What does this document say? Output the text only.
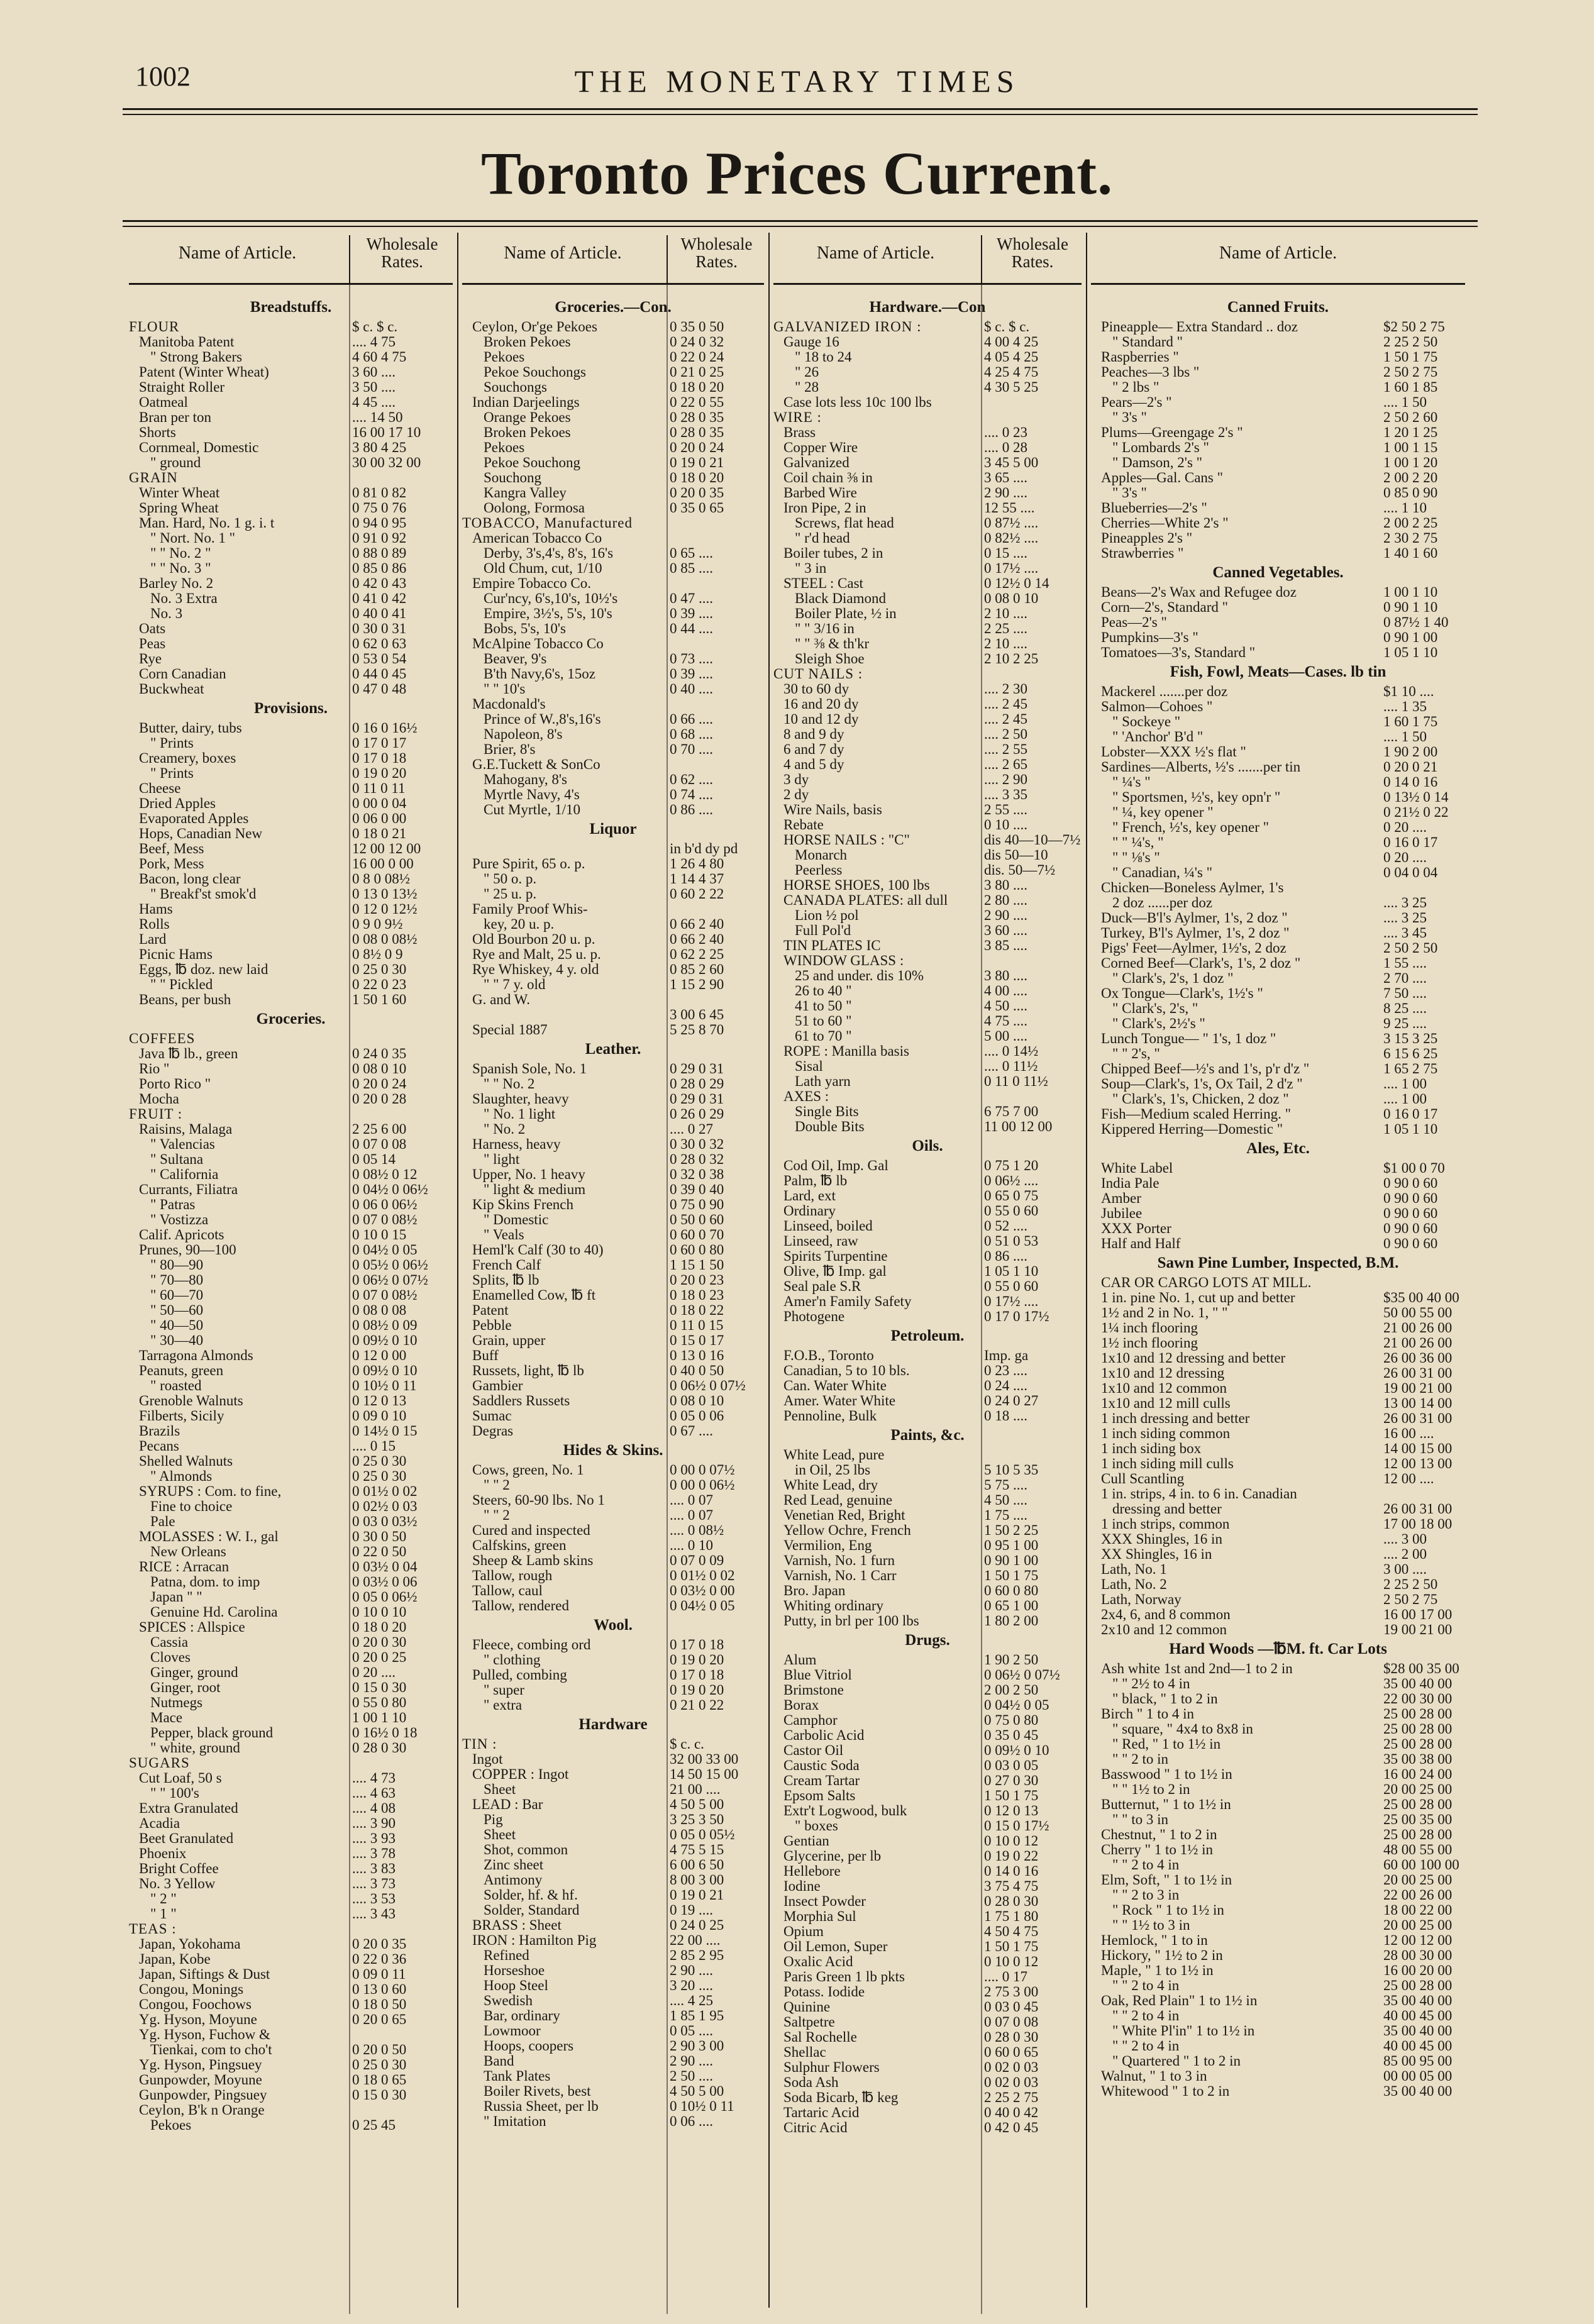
1002	THE MONETARY TIMES
Toronto Prices Current.
Name of Article.	Wholesale Rates.
Breadstuffs.
FLOUR	$ c. $ c.
Manitoba Patent	.... 4 75
" Strong Bakers	4 60 4 75
Patent (Winter Wheat)	3 60 ....
Straight Roller	3 50 ....
Oatmeal	4 45 ....
Bran per ton	.... 14 50
Shorts	16 00 17 10
Cornmeal, Domestic	3 80 4 25
" ground	30 00 32 00
GRAIN
Winter Wheat	0 81 0 82
Spring Wheat	0 75 0 76
Man. Hard, No. 1 g. i. t	0 94 0 95
" Nort. No. 1 "	0 91 0 92
" " No. 2 "	0 88 0 89
" " No. 3 "	0 85 0 86
Barley No. 2	0 42 0 43
No. 3 Extra	0 41 0 42
No. 3	0 40 0 41
Oats	0 30 0 31
Peas	0 62 0 63
Rye	0 53 0 54
Corn Canadian	0 44 0 45
Buckwheat	0 47 0 48
Provisions.
Butter, dairy, tubs	0 16 0 16½
" Prints	0 17 0 17
Creamery, boxes	0 17 0 18
" Prints	0 19 0 20
Cheese	0 11 0 11
Dried Apples	0 00 0 04
Evaporated Apples	0 06 0 00
Hops, Canadian New	0 18 0 21
Beef, Mess	12 00 12 00
Pork, Mess	16 00 0 00
Bacon, long clear	0 8 0 08½
" Breakf'st smok'd	0 13 0 13½
Hams	0 12 0 12½
Rolls	0 9 0 9½
Lard	0 08 0 08½
Picnic Hams	0 8½ 0 9
Eggs, ℔ doz. new laid	0 25 0 30
" " Pickled	0 22 0 23
Beans, per bush	1 50 1 60
Groceries.
COFFEES
Java ℔ lb., green	0 24 0 35
Rio "	0 08 0 10
Porto Rico "	0 20 0 24
Mocha	0 20 0 28
FRUIT :
Raisins, Malaga	2 25 6 00
" Valencias	0 07 0 08
" Sultana	0 05 14
" California	0 08½ 0 12
Currants, Filiatra	0 04½ 0 06½
" Patras	0 06 0 06½
" Vostizza	0 07 0 08½
Calif. Apricots	0 10 0 15
Prunes, 90—100	0 04½ 0 05
" 80—90	0 05½ 0 06½
" 70—80	0 06½ 0 07½
" 60—70	0 07 0 08½
" 50—60	0 08 0 08
" 40—50	0 08½ 0 09
" 30—40	0 09½ 0 10
Tarragona Almonds	0 12 0 00
Peanuts, green	0 09½ 0 10
" roasted	0 10½ 0 11
Grenoble Walnuts	0 12 0 13
Filberts, Sicily	0 09 0 10
Brazils	0 14½ 0 15
Pecans	.... 0 15
Shelled Walnuts	0 25 0 30
" Almonds	0 25 0 30
SYRUPS : Com. to fine,	0 01½ 0 02
Fine to choice	0 02½ 0 03
Pale	0 03 0 03½
MOLASSES : W. I., gal	0 30 0 50
New Orleans	0 22 0 50
RICE : Arracan	0 03½ 0 04
Patna, dom. to imp	0 03½ 0 06
Japan " "	0 05 0 06½
Genuine Hd. Carolina	0 10 0 10
SPICES : Allspice	0 18 0 20
Cassia	0 20 0 30
Cloves	0 20 0 25
Ginger, ground	0 20 ....
Ginger, root	0 15 0 30
Nutmegs	0 55 0 80
Mace	1 00 1 10
Pepper, black ground	0 16½ 0 18
" white, ground	0 28 0 30
SUGARS
Cut Loaf, 50 s	.... 4 73
" " 100's	.... 4 63
Extra Granulated	.... 4 08
Acadia	.... 3 90
Beet Granulated	.... 3 93
Phoenix	.... 3 78
Bright Coffee	.... 3 83
No. 3 Yellow	.... 3 73
" 2 "	.... 3 53
" 1 "	.... 3 43
TEAS :
Japan, Yokohama	0 20 0 35
Japan, Kobe	0 22 0 36
Japan, Siftings & Dust	0 09 0 11
Congou, Monings	0 13 0 60
Congou, Foochows	0 18 0 50
Yg. Hyson, Moyune	0 20 0 65
Yg. Hyson, Fuchow &
Tienkai, com to cho't	0 20 0 50
Yg. Hyson, Pingsuey	0 25 0 30
Gunpowder, Moyune	0 18 0 65
Gunpowder, Pingsuey	0 15 0 30
Ceylon, B'k n Orange
Pekoes	0 25 45
Name of Article.	Wholesale Rates.
Groceries.—Con.
Ceylon, Or'ge Pekoes	0 35 0 50
Broken Pekoes	0 24 0 32
Pekoes	0 22 0 24
Pekoe Souchongs	0 21 0 25
Souchongs	0 18 0 20
Indian Darjeelings	0 22 0 55
Orange Pekoes	0 28 0 35
Broken Pekoes	0 28 0 35
Pekoes	0 20 0 24
Pekoe Souchong	0 19 0 21
Souchong	0 18 0 20
Kangra Valley	0 20 0 35
Oolong, Formosa	0 35 0 65
TOBACCO, Manufactured
American Tobacco Co
Derby, 3's,4's, 8's, 16's	0 65 ....
Old Chum, cut, 1/10	0 85 ....
Empire Tobacco Co.
Cur'ncy, 6's,10's, 10½'s	0 47 ....
Empire, 3½'s, 5's, 10's	0 39 ....
Bobs, 5's, 10's	0 44 ....
McAlpine Tobacco Co
Beaver, 9's	0 73 ....
B'th Navy,6's, 15oz	0 39 ....
" " 10's	0 40 ....
Macdonald's
Prince of W.,8's,16's	0 66 ....
Napoleon, 8's	0 68 ....
Brier, 8's	0 70 ....
G.E.Tuckett & SonCo
Mahogany, 8's	0 62 ....
Myrtle Navy, 4's	0 74 ....
Cut Myrtle, 1/10	0 86 ....
Liquor
in b'd dy pd
Pure Spirit, 65 o. p.	1 26 4 80
" 50 o. p.	1 14 4 37
" 25 u. p.	0 60 2 22
Family Proof Whis-
key, 20 u. p.	0 66 2 40
Old Bourbon 20 u. p.	0 66 2 40
Rye and Malt, 25 u. p.	0 62 2 25
Rye Whiskey, 4 y. old	0 85 2 60
" " 7 y. old	1 15 2 90
G. and W.
3 00 6 45
Special 1887	5 25 8 70
Leather.
Spanish Sole, No. 1	0 29 0 31
" " No. 2	0 28 0 29
Slaughter, heavy	0 29 0 31
" No. 1 light	0 26 0 29
" No. 2	.... 0 27
Harness, heavy	0 30 0 32
" light	0 28 0 32
Upper, No. 1 heavy	0 32 0 38
" light & medium	0 39 0 40
Kip Skins French	0 75 0 90
" Domestic	0 50 0 60
" Veals	0 60 0 70
Heml'k Calf (30 to 40)	0 60 0 80
French Calf	1 15 1 50
Splits, ℔ lb	0 20 0 23
Enamelled Cow, ℔ ft	0 18 0 23
Patent	0 18 0 22
Pebble	0 11 0 15
Grain, upper	0 15 0 17
Buff	0 13 0 16
Russets, light, ℔ lb	0 40 0 50
Gambier	0 06½ 0 07½
Saddlers Russets	0 08 0 10
Sumac	0 05 0 06
Degras	0 67 ....
Hides & Skins.
Cows, green, No. 1	0 00 0 07½
" " 2	0 00 0 06½
Steers, 60-90 lbs. No 1	.... 0 07
" " 2	.... 0 07
Cured and inspected	.... 0 08½
Calfskins, green	.... 0 10
Sheep & Lamb skins	0 07 0 09
Tallow, rough	0 01½ 0 02
Tallow, caul	0 03½ 0 00
Tallow, rendered	0 04½ 0 05
Wool.
Fleece, combing ord	0 17 0 18
" clothing	0 19 0 20
Pulled, combing	0 17 0 18
" super	0 19 0 20
" extra	0 21 0 22
Hardware
TIN :	$ c. c.
Ingot	32 00 33 00
COPPER : Ingot	14 50 15 00
Sheet	21 00 ....
LEAD : Bar	4 50 5 00
Pig	3 25 3 50
Sheet	0 05 0 05½
Shot, common	4 75 5 15
Zinc sheet	6 00 6 50
Antimony	8 00 3 00
Solder, hf. & hf.	0 19 0 21
Solder, Standard	0 19 ....
BRASS : Sheet	0 24 0 25
IRON : Hamilton Pig	22 00 ....
Refined	2 85 2 95
Horseshoe	2 90 ....
Hoop Steel	3 20 ....
Swedish	.... 4 25
Bar, ordinary	1 85 1 95
Lowmoor	0 05 ....
Hoops, coopers	2 90 3 00
Band	2 90 ....
Tank Plates	2 50 ....
Boiler Rivets, best	4 50 5 00
Russia Sheet, per lb	0 10½ 0 11
" Imitation	0 06 ....
Name of Article.	Wholesale Rates.
Hardware.—Con
GALVANIZED IRON :	$ c. $ c.
Gauge 16	4 00 4 25
" 18 to 24	4 05 4 25
" 26	4 25 4 75
" 28	4 30 5 25
Case lots less 10c 100 lbs
WIRE :
Brass	.... 0 23
Copper Wire	.... 0 28
Galvanized	3 45 5 00
Coil chain ⅜ in	3 65 ....
Barbed Wire	2 90 ....
Iron Pipe, 2 in	12 55 ....
Screws, flat head	0 87½ ....
" r'd head	0 82½ ....
Boiler tubes, 2 in	0 15 ....
" 3 in	0 17½ ....
STEEL : Cast	0 12½ 0 14
Black Diamond	0 08 0 10
Boiler Plate, ½ in	2 10 ....
" " 3/16 in	2 25 ....
" " ⅜ & th'kr	2 10 ....
Sleigh Shoe	2 10 2 25
CUT NAILS :
30 to 60 dy	.... 2 30
16 and 20 dy	.... 2 45
10 and 12 dy	.... 2 45
8 and 9 dy	.... 2 50
6 and 7 dy	.... 2 55
4 and 5 dy	.... 2 65
3 dy	.... 2 90
2 dy	.... 3 35
Wire Nails, basis	2 55 ....
Rebate	0 10 ....
HORSE NAILS : "C"	dis 40—10—7½
Monarch	dis 50—10
Peerless	dis. 50—7½
HORSE SHOES, 100 lbs	3 80 ....
CANADA PLATES: all dull	2 80 ....
Lion ½ pol	2 90 ....
Full Pol'd	3 60 ....
TIN PLATES IC	3 85 ....
WINDOW GLASS :
25 and under. dis 10%	3 80 ....
26 to 40 "	4 00 ....
41 to 50 "	4 50 ....
51 to 60 "	4 75 ....
61 to 70 "	5 00 ....
ROPE : Manilla basis	.... 0 14½
Sisal	.... 0 11½
Lath yarn	0 11 0 11½
AXES :
Single Bits	6 75 7 00
Double Bits	11 00 12 00
Oils.
Cod Oil, Imp. Gal	0 75 1 20
Palm, ℔ lb	0 06½ ....
Lard, ext	0 65 0 75
Ordinary	0 55 0 60
Linseed, boiled	0 52 ....
Linseed, raw	0 51 0 53
Spirits Turpentine	0 86 ....
Olive, ℔ Imp. gal	1 05 1 10
Seal pale S.R	0 55 0 60
Amer'n Family Safety	0 17½ ....
Photogene	0 17 0 17½
Petroleum.
F.O.B., Toronto	Imp. ga
Canadian, 5 to 10 bls.	0 23 ....
Can. Water White	0 24 ....
Amer. Water White	0 24 0 27
Pennoline, Bulk	0 18 ....
Paints, &c.
White Lead, pure
in Oil, 25 lbs	5 10 5 35
White Lead, dry	5 75 ....
Red Lead, genuine	4 50 ....
Venetian Red, Bright	1 75 ....
Yellow Ochre, French	1 50 2 25
Vermilion, Eng	0 95 1 00
Varnish, No. 1 furn	0 90 1 00
Varnish, No. 1 Carr	1 50 1 75
Bro. Japan	0 60 0 80
Whiting ordinary	0 65 1 00
Putty, in brl per 100 lbs	1 80 2 00
Drugs.
Alum	1 90 2 50
Blue Vitriol	0 06½ 0 07½
Brimstone	2 00 2 50
Borax	0 04½ 0 05
Camphor	0 75 0 80
Carbolic Acid	0 35 0 45
Castor Oil	0 09½ 0 10
Caustic Soda	0 03 0 05
Cream Tartar	0 27 0 30
Epsom Salts	1 50 1 75
Extr't Logwood, bulk	0 12 0 13
" boxes	0 15 0 17½
Gentian	0 10 0 12
Glycerine, per lb	0 19 0 22
Hellebore	0 14 0 16
Iodine	3 75 4 75
Insect Powder	0 28 0 30
Morphia Sul	1 75 1 80
Opium	4 50 4 75
Oil Lemon, Super	1 50 1 75
Oxalic Acid	0 10 0 12
Paris Green 1 lb pkts	.... 0 17
Potass. Iodide	2 75 3 00
Quinine	0 03 0 45
Saltpetre	0 07 0 08
Sal Rochelle	0 28 0 30
Shellac	0 60 0 65
Sulphur Flowers	0 02 0 03
Soda Ash	0 02 0 03
Soda Bicarb, ℔ keg	2 25 2 75
Tartaric Acid	0 40 0 42
Citric Acid	0 42 0 45
Name of Article.
Canned Fruits.
Pineapple— Extra Standard .. doz	$2 50 2 75
" Standard "	2 25 2 50
Raspberries "	1 50 1 75
Peaches—3 lbs "	2 50 2 75
" 2 lbs "	1 60 1 85
Pears—2's "	.... 1 50
" 3's "	2 50 2 60
Plums—Greengage 2's "	1 20 1 25
" Lombards 2's "	1 00 1 15
" Damson, 2's "	1 00 1 20
Apples—Gal. Cans "	2 00 2 20
" 3's "	0 85 0 90
Blueberries—2's "	.... 1 10
Cherries—White 2's "	2 00 2 25
Pineapples 2's "	2 30 2 75
Strawberries "	1 40 1 60
Canned Vegetables.
Beans—2's Wax and Refugee doz	1 00 1 10
Corn—2's, Standard "	0 90 1 10
Peas—2's "	0 87½ 1 40
Pumpkins—3's "	0 90 1 00
Tomatoes—3's, Standard "	1 05 1 10
Fish, Fowl, Meats—Cases. lb tin
Mackerel .......per doz	$1 10 ....
Salmon—Cohoes "	.... 1 35
" Sockeye "	1 60 1 75
" 'Anchor' B'd "	.... 1 50
Lobster—XXX ½'s flat "	1 90 2 00
Sardines—Alberts, ½'s .......per tin	0 20 0 21
" ¼'s "	0 14 0 16
" Sportsmen, ½'s, key opn'r "	0 13½ 0 14
" ¼, key opener "	0 21½ 0 22
" French, ½'s, key opener "	0 20 ....
" " ¼'s, "	0 16 0 17
" " ⅛'s "	0 20 ....
" Canadian, ¼'s "	0 04 0 04
Chicken—Boneless Aylmer, 1's
2 doz ......per doz	.... 3 25
Duck—B'l's Aylmer, 1's, 2 doz "	.... 3 25
Turkey, B'l's Aylmer, 1's, 2 doz "	.... 3 45
Pigs' Feet—Aylmer, 1½'s, 2 doz	2 50 2 50
Corned Beef—Clark's, 1's, 2 doz "	1 55 ....
" Clark's, 2's, 1 doz "	2 70 ....
Ox Tongue—Clark's, 1½'s "	7 50 ....
" Clark's, 2's, "	8 25 ....
" Clark's, 2½'s "	9 25 ....
Lunch Tongue— " 1's, 1 doz "	3 15 3 25
" " 2's, "	6 15 6 25
Chipped Beef—½'s and 1's, p'r d'z "	1 65 2 75
Soup—Clark's, 1's, Ox Tail, 2 d'z "	.... 1 00
" Clark's, 1's, Chicken, 2 doz "	.... 1 00
Fish—Medium scaled Herring. "	0 16 0 17
Kippered Herring—Domestic "	1 05 1 10
Ales, Etc.
White Label	$1 00 0 70
India Pale	0 90 0 60
Amber	0 90 0 60
Jubilee	0 90 0 60
XXX Porter	0 90 0 60
Half and Half	0 90 0 60
Sawn Pine Lumber, Inspected, B.M.
CAR OR CARGO LOTS AT MILL.
1 in. pine No. 1, cut up and better	$35 00 40 00
1½ and 2 in No. 1, " "	50 00 55 00
1¼ inch flooring	21 00 26 00
1½ inch flooring	21 00 26 00
1x10 and 12 dressing and better	26 00 36 00
1x10 and 12 dressing	26 00 31 00
1x10 and 12 common	19 00 21 00
1x10 and 12 mill culls	13 00 14 00
1 inch dressing and better	26 00 31 00
1 inch siding common	16 00 ....
1 inch siding box	14 00 15 00
1 inch siding mill culls	12 00 13 00
Cull Scantling	12 00 ....
1 in. strips, 4 in. to 6 in. Canadian
dressing and better	26 00 31 00
1 inch strips, common	17 00 18 00
XXX Shingles, 16 in	.... 3 00
XX Shingles, 16 in	.... 2 00
Lath, No. 1	3 00 ....
Lath, No. 2	2 25 2 50
Lath, Norway	2 50 2 75
2x4, 6, and 8 common	16 00 17 00
2x10 and 12 common	19 00 21 00
Hard Woods —℔M. ft. Car Lots
Ash white 1st and 2nd—1 to 2 in	$28 00 35 00
" " 2½ to 4 in	35 00 40 00
" black, " 1 to 2 in	22 00 30 00
Birch " 1 to 4 in	25 00 28 00
" square, " 4x4 to 8x8 in	25 00 28 00
" Red, " 1 to 1½ in	25 00 28 00
" " 2 to in	35 00 38 00
Basswood " 1 to 1½ in	16 00 24 00
" " 1½ to 2 in	20 00 25 00
Butternut, " 1 to 1½ in	25 00 28 00
" " to 3 in	25 00 35 00
Chestnut, " 1 to 2 in	25 00 28 00
Cherry " 1 to 1½ in	48 00 55 00
" " 2 to 4 in	60 00 100 00
Elm, Soft, " 1 to 1½ in	20 00 25 00
" " 2 to 3 in	22 00 26 00
" Rock " 1 to 1½ in	18 00 22 00
" " 1½ to 3 in	20 00 25 00
Hemlock, " 1 to in	12 00 12 00
Hickory, " 1½ to 2 in	28 00 30 00
Maple, " 1 to 1½ in	16 00 20 00
" " 2 to 4 in	25 00 28 00
Oak, Red Plain" 1 to 1½ in	35 00 40 00
" " 2 to 4 in	40 00 45 00
" White Pl'in" 1 to 1½ in	35 00 40 00
" " 2 to 4 in	40 00 45 00
" Quartered " 1 to 2 in	85 00 95 00
Walnut, " 1 to 3 in	00 00 05 00
Whitewood " 1 to 2 in	35 00 40 00
